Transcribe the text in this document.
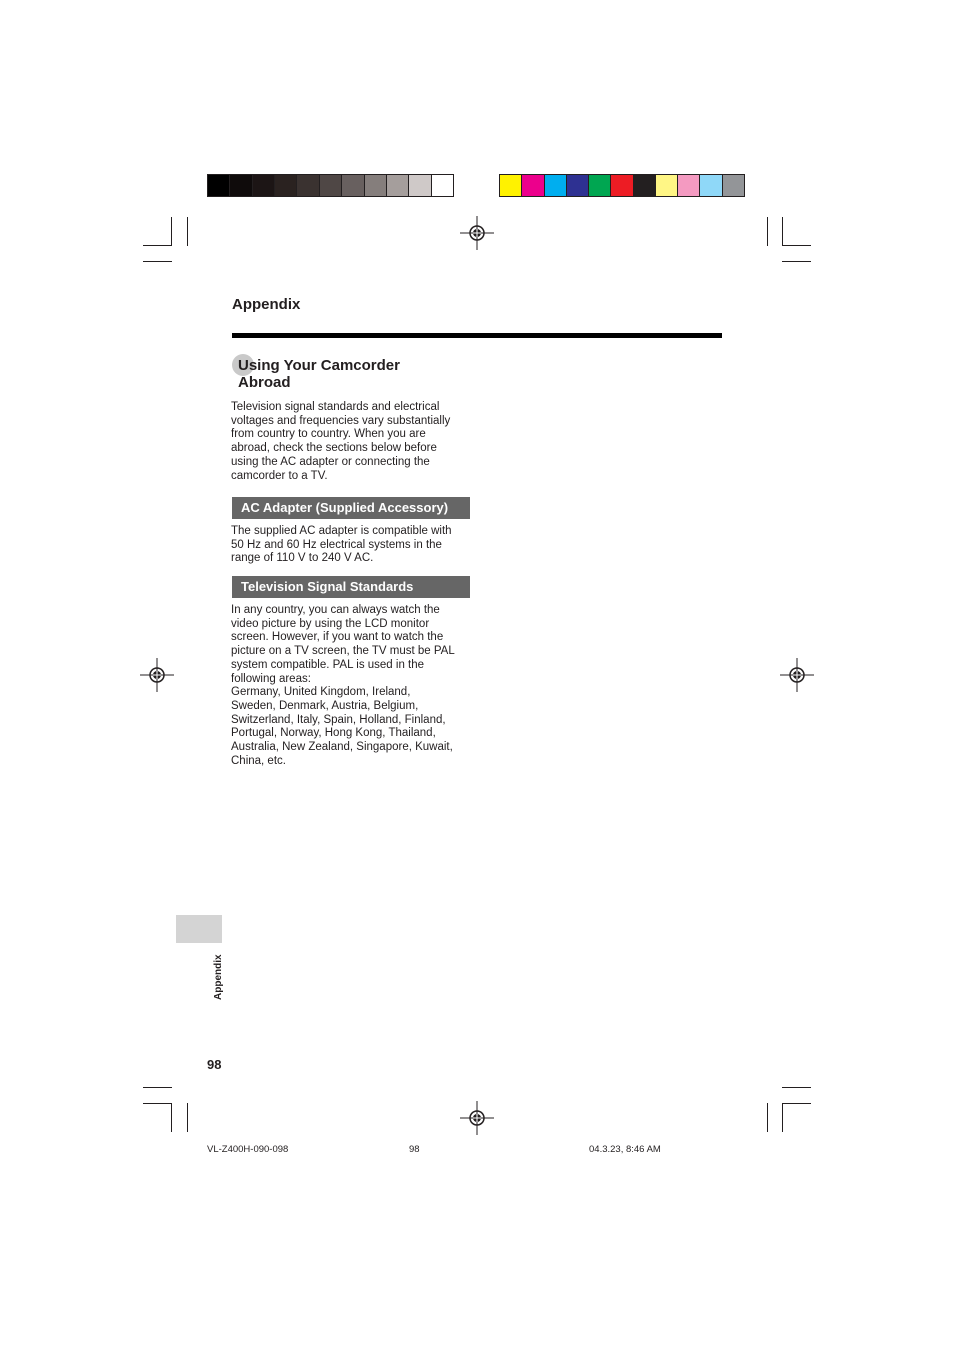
Appendix
Using Your Camcorder
Abroad
Television signal standards and electrical
voltages and frequencies vary substantially
from country to country. When you are
abroad, check the sections below before
using the AC adapter or connecting the
camcorder to a TV.
AC Adapter (Supplied Accessory)
The supplied AC adapter is compatible with
50 Hz and 60 Hz electrical systems in the
range of 110 V to 240 V AC.
Television Signal Standards
In any country, you can always watch the
video picture by using the LCD monitor
screen. However, if you want to watch the
picture on a TV screen, the TV must be PAL
system compatible. PAL is used in the
following areas:
Germany, United Kingdom, Ireland,
Sweden, Denmark, Austria, Belgium,
Switzerland, Italy, Spain, Holland, Finland,
Portugal, Norway, Hong Kong, Thailand,
Australia, New Zealand, Singapore, Kuwait,
China, etc.
Appendix
98
VL-Z400H-090-098	98	04.3.23, 8:46 AM
